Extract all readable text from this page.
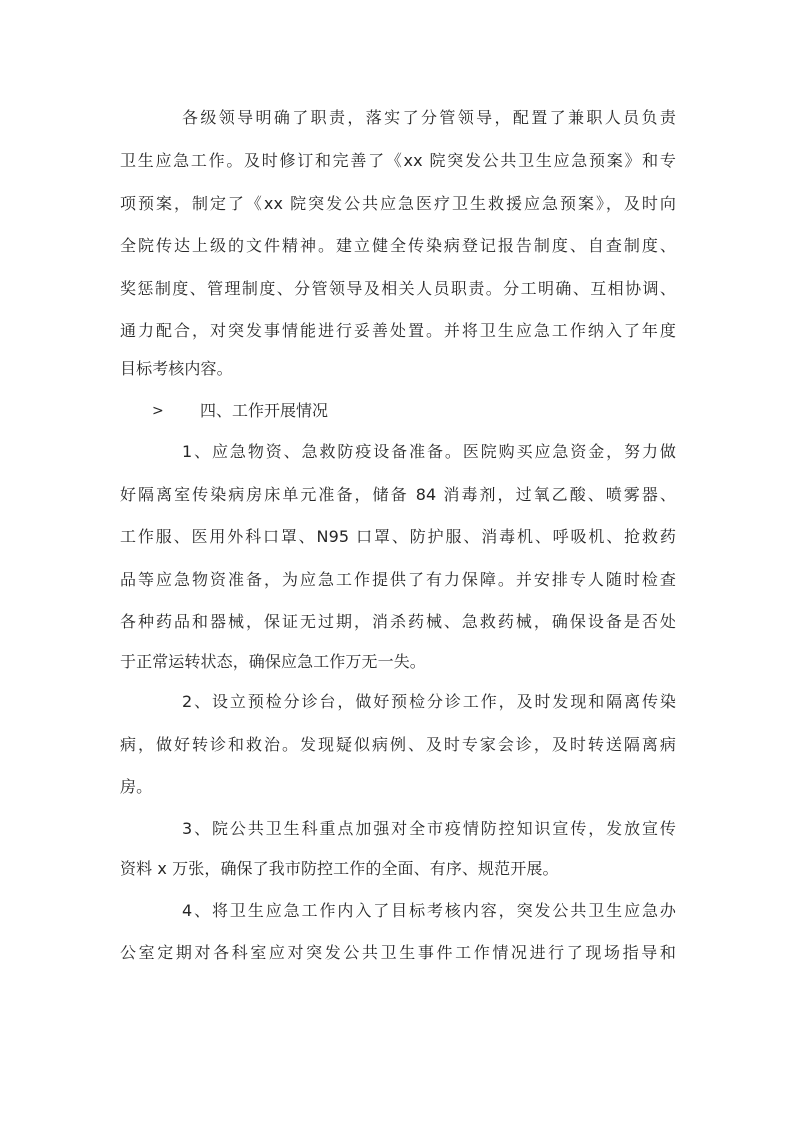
各级领导明确了职责，落实了分管领导，配置了兼职人员负责
卫生应急工作。及时修订和完善了《xx 院突发公共卫生应急预案》和专
项预案，制定了《xx 院突发公共应急医疗卫生救援应急预案》，及时向
全院传达上级的文件精神。建立健全传染病登记报告制度、自查制度、
奖惩制度、管理制度、分管领导及相关人员职责。分工明确、互相协调、
通力配合，对突发事情能进行妥善处置。并将卫生应急工作纳入了年度
目标考核内容。
> 四、工作开展情况
1、应急物资、急救防疫设备准备。医院购买应急资金，努力做
好隔离室传染病房床单元准备，储备 84 消毒剂，过氧乙酸、喷雾器、
工作服、医用外科口罩、N95 口罩、防护服、消毒机、呼吸机、抢救药
品等应急物资准备，为应急工作提供了有力保障。并安排专人随时检查
各种药品和器械，保证无过期，消杀药械、急救药械，确保设备是否处
于正常运转状态，确保应急工作万无一失。
2、设立预检分诊台，做好预检分诊工作，及时发现和隔离传染
病，做好转诊和救治。发现疑似病例、及时专家会诊，及时转送隔离病
房。
3、院公共卫生科重点加强对全市疫情防控知识宣传，发放宣传
资料 x 万张，确保了我市防控工作的全面、有序、规范开展。
4、将卫生应急工作内入了目标考核内容，突发公共卫生应急办
公室定期对各科室应对突发公共卫生事件工作情况进行了现场指导和
